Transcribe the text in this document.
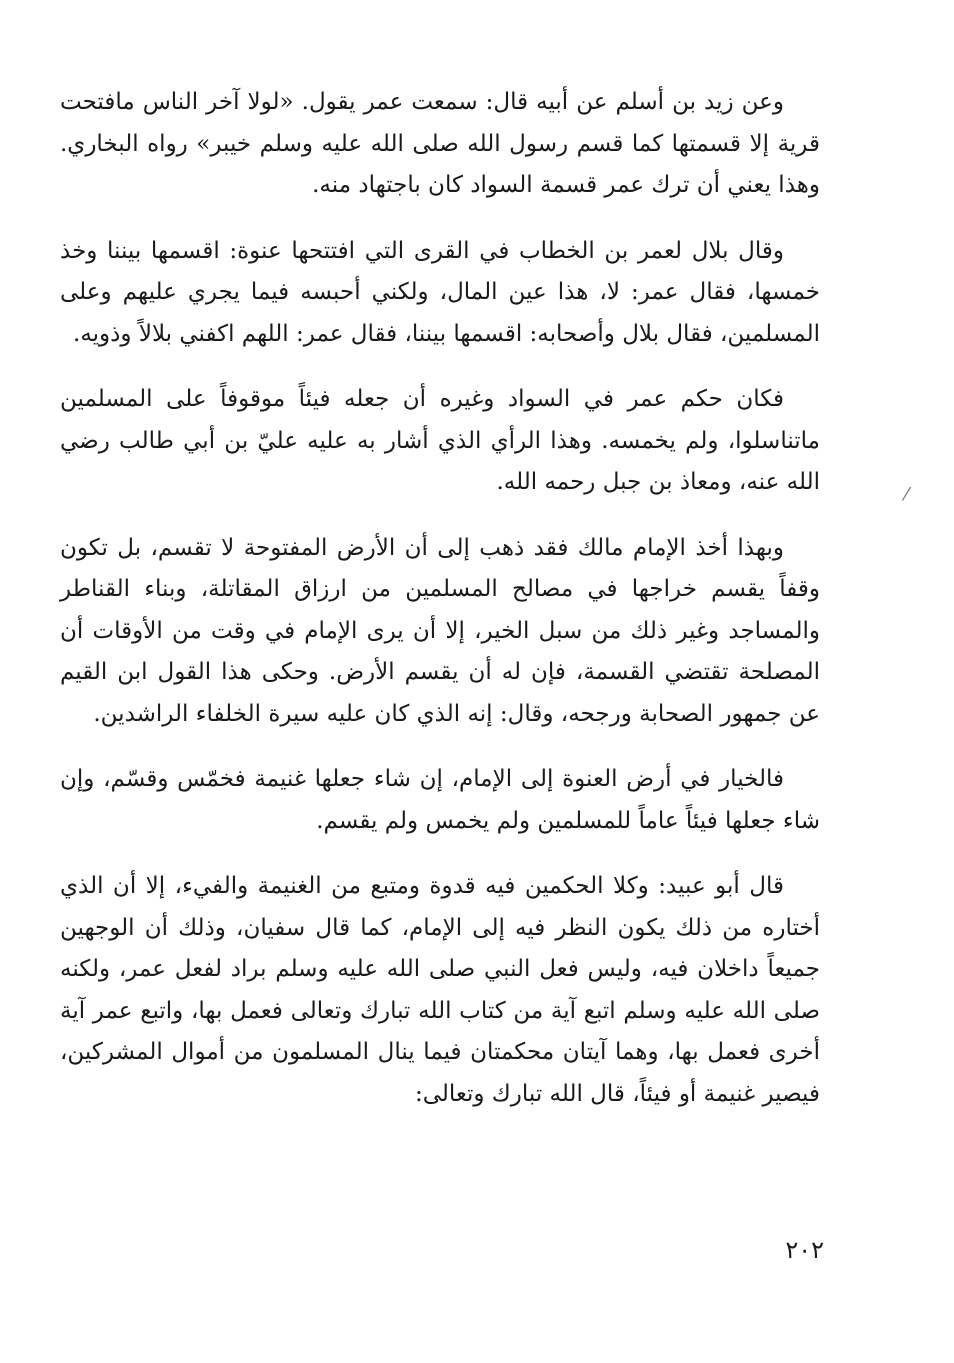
وعن زيد بن أسلم عن أبيه قال: سمعت عمر يقول. «لولا آخر الناس مافتحت قرية إلا قسمتها كما قسم رسول الله صلى الله عليه وسلم خيبر» رواه البخاري. وهذا يعني أن ترك عمر قسمة السواد كان باجتهاد منه.

وقال بلال لعمر بن الخطاب في القرى التي افتتحها عنوة: اقسمها بيننا وخذ خمسها، فقال عمر: لا، هذا عين المال، ولكني أحبسه فيما يجري عليهم وعلى المسلمين، فقال بلال وأصحابه: اقسمها بيننا، فقال عمر: اللهم اكفني بلالاً وذويه.

فكان حكم عمر في السواد وغيره أن جعله فيئاً موقوفاً على المسلمين ماتناسلوا، ولم يخمسه. وهذا الرأي الذي أشار به عليه عليّ بن أبي طالب رضي الله عنه، ومعاذ بن جبل رحمه الله.

وبهذا أخذ الإمام مالك فقد ذهب إلى أن الأرض المفتوحة لا تقسم، بل تكون وقفاً يقسم خراجها في مصالح المسلمين من ارزاق المقاتلة، وبناء القناطر والمساجد وغير ذلك من سبل الخير، إلا أن يرى الإمام في وقت من الأوقات أن المصلحة تقتضي القسمة، فإن له أن يقسم الأرض. وحكى هذا القول ابن القيم عن جمهور الصحابة ورجحه، وقال: إنه الذي كان عليه سيرة الخلفاء الراشدين.

فالخيار في أرض العنوة إلى الإمام، إن شاء جعلها غنيمة فخمّس وقسّم، وإن شاء جعلها فيئاً عاماً للمسلمين ولم يخمس ولم يقسم.

قال أبو عبيد: وكلا الحكمين فيه قدوة ومتبع من الغنيمة والفيء، إلا أن الذي أختاره من ذلك يكون النظر فيه إلى الإمام، كما قال سفيان، وذلك أن الوجهين جميعاً داخلان فيه، وليس فعل النبي صلى الله عليه وسلم براد لفعل عمر، ولكنه صلى الله عليه وسلم اتبع آية من كتاب الله تبارك وتعالى فعمل بها، واتبع عمر آية أخرى فعمل بها، وهما آيتان محكمتان فيما ينال المسلمون من أموال المشركين، فيصير غنيمة أو فيئاً، قال الله تبارك وتعالى:

⁄
٢٠٢
